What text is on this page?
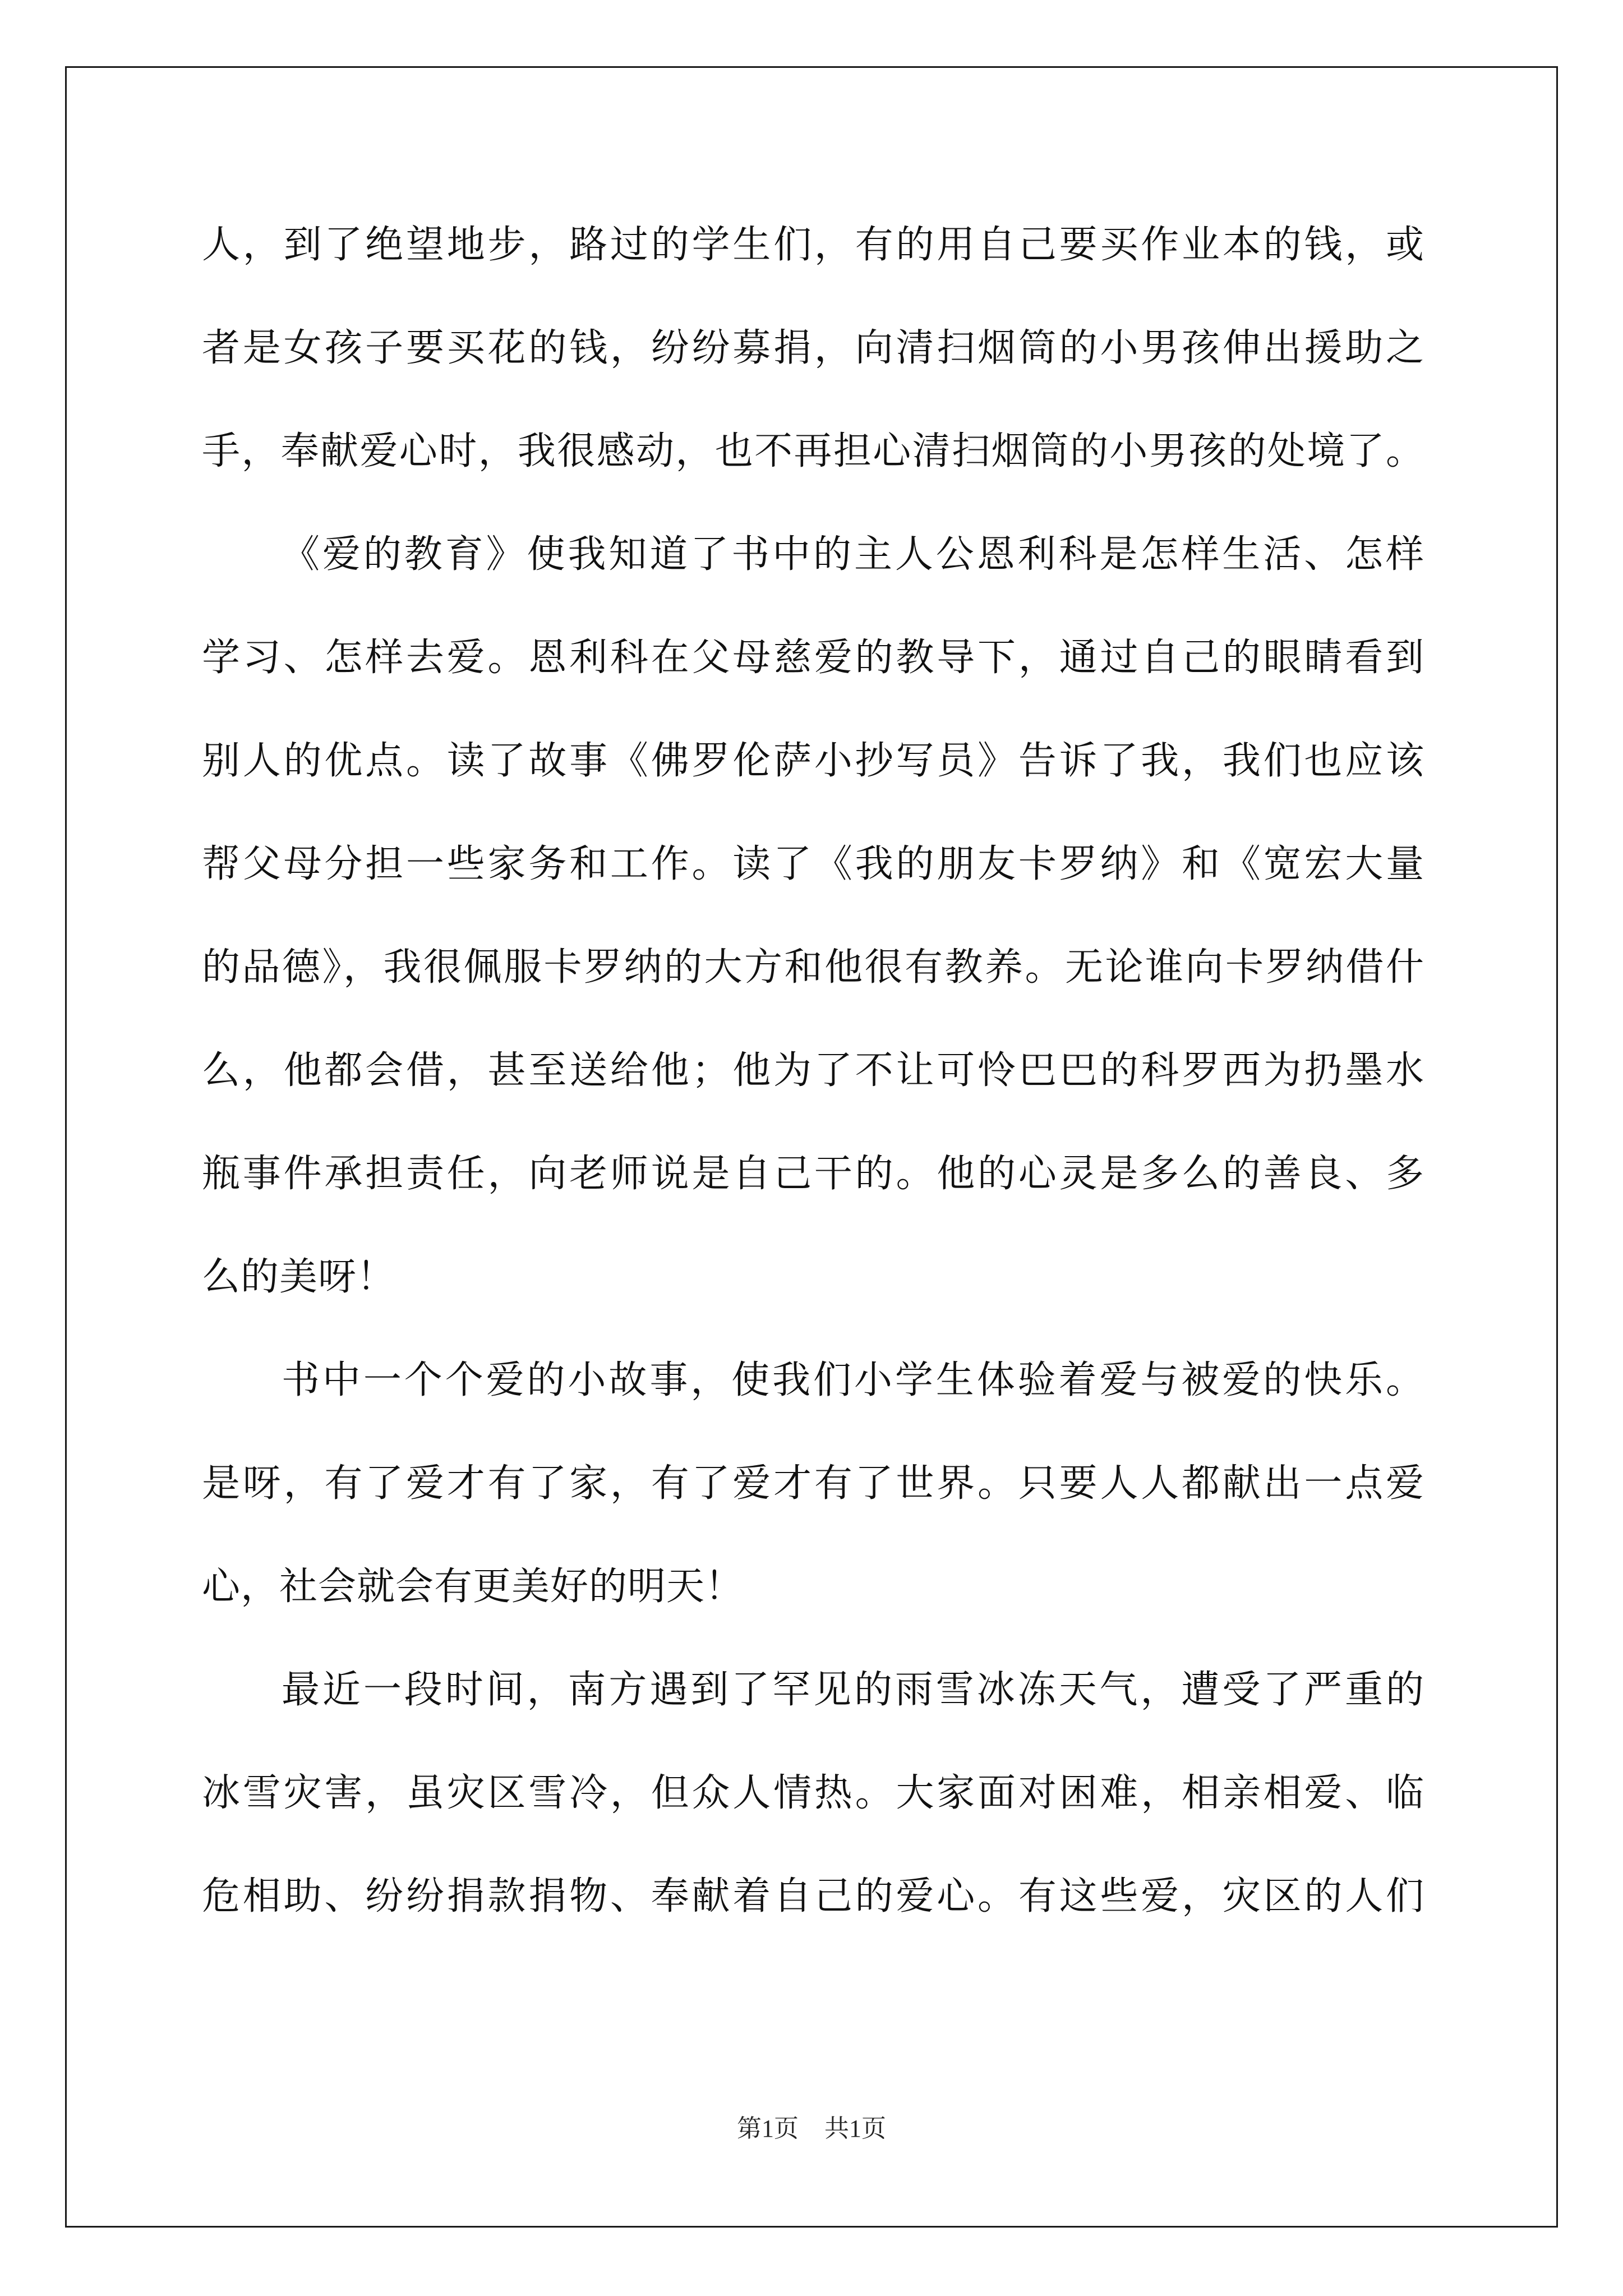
人，到了绝望地步，路过的学生们，有的用自己要买作业本的钱，或
者是女孩子要买花的钱，纷纷募捐，向清扫烟筒的小男孩伸出援助之
手，奉献爱心时，我很感动，也不再担心清扫烟筒的小男孩的处境了。
《爱的教育》使我知道了书中的主人公恩利科是怎样生活、怎样
学习、怎样去爱。恩利科在父母慈爱的教导下，通过自己的眼睛看到
别人的优点。读了故事《佛罗伦萨小抄写员》告诉了我，我们也应该
帮父母分担一些家务和工作。读了《我的朋友卡罗纳》和《宽宏大量
的品德》，我很佩服卡罗纳的大方和他很有教养。无论谁向卡罗纳借什
么，他都会借，甚至送给他；他为了不让可怜巴巴的科罗西为扔墨水
瓶事件承担责任，向老师说是自己干的。他的心灵是多么的善良、多
么的美呀！
书中一个个爱的小故事，使我们小学生体验着爱与被爱的快乐。
是呀，有了爱才有了家，有了爱才有了世界。只要人人都献出一点爱
心，社会就会有更美好的明天！
最近一段时间，南方遇到了罕见的雨雪冰冻天气，遭受了严重的
冰雪灾害，虽灾区雪冷，但众人情热。大家面对困难，相亲相爱、临
危相助、纷纷捐款捐物、奉献着自己的爱心。有这些爱，灾区的人们
第1页 共1页
